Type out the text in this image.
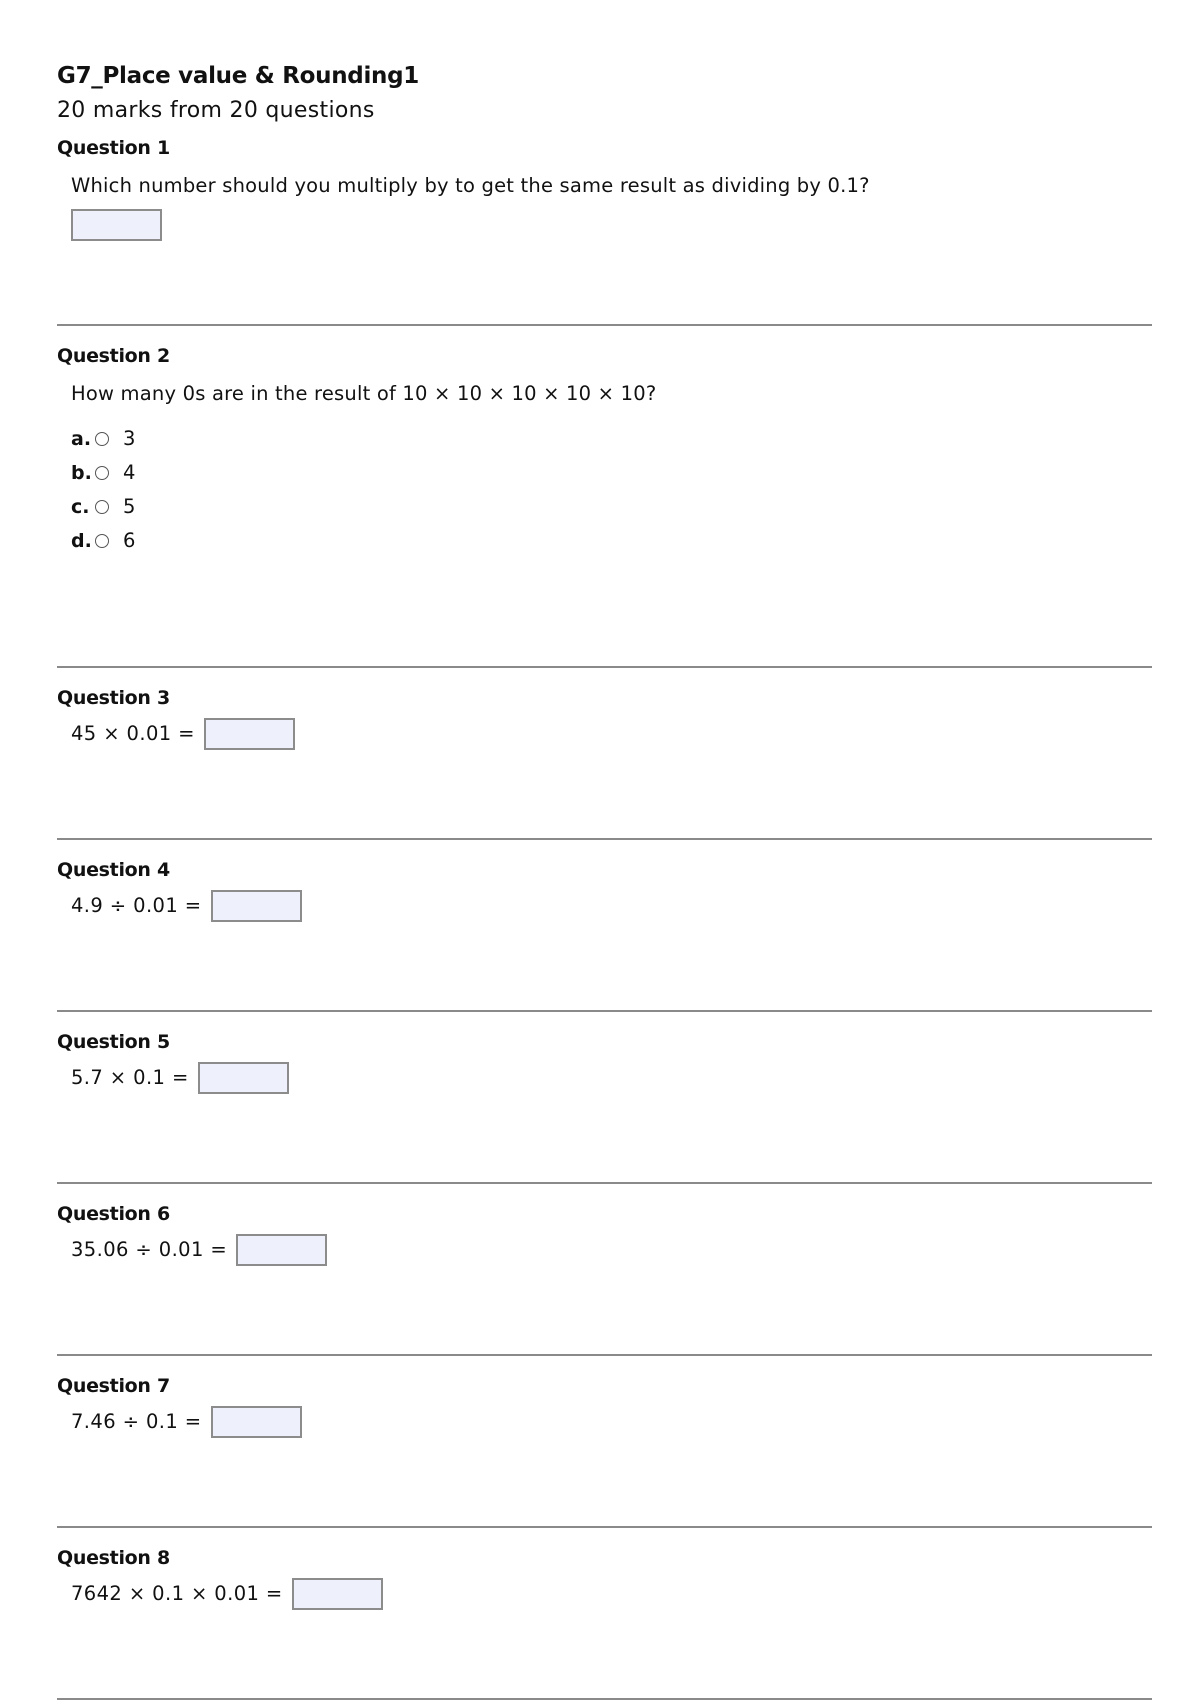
G7_Place value & Rounding1

20 marks from 20 questions

Question 1
Which number should you multiply by to get the same result as dividing by 0.1?
Question 2
How many 0s are in the result of 10 × 10 × 10 × 10 × 10?
a. 3
b. 4
c. 5
d. 6
Question 3
45 × 0.01 =
Question 4
4.9 ÷ 0.01 =
Question 5
5.7 × 0.1 =
Question 6
35.06 ÷ 0.01 =
Question 7
7.46 ÷ 0.1 =
Question 8
7642 × 0.1 × 0.01 =
